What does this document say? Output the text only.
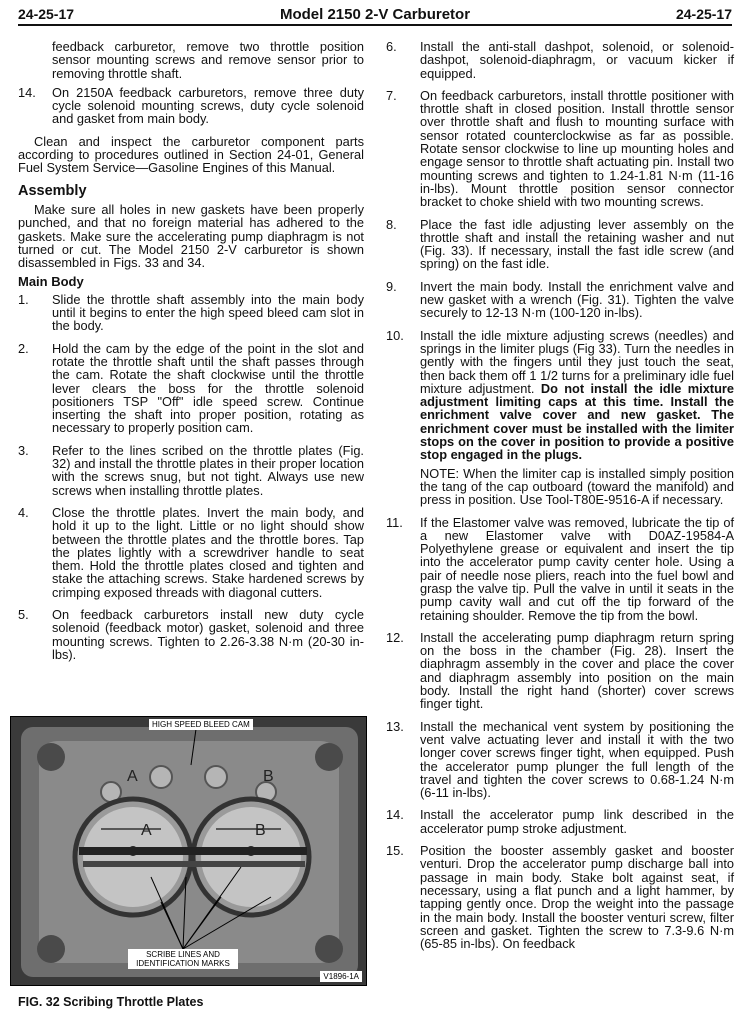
24-25-17	Model 2150 2-V Carburetor	24-25-17

feedback carburetor, remove two throttle position sensor mounting screws and remove sensor prior to removing throttle shaft.

14.	On 2150A feedback carburetors, remove three duty cycle solenoid mounting screws, duty cycle solenoid and gasket from main body.

Clean and inspect the carburetor component parts according to procedures outlined in Section 24-01, General Fuel System Service—Gasoline Engines of this Manual.

Assembly

Make sure all holes in new gaskets have been properly punched, and that no foreign material has adhered to the gaskets. Make sure the accelerating pump diaphragm is not turned or cut. The Model 2150 2-V carburetor is shown disassembled in Figs. 33 and 34.

Main Body
1.	Slide the throttle shaft assembly into the main body until it begins to enter the high speed bleed cam slot in the body.
2.	Hold the cam by the edge of the point in the slot and rotate the throttle shaft until the shaft passes through the cam. Rotate the shaft clockwise until the throttle lever clears the boss for the throttle solenoid positioners TSP "Off" idle speed screw. Continue inserting the shaft into proper position, rotating as necessary to properly position cam.
3.	Refer to the lines scribed on the throttle plates (Fig. 32) and install the throttle plates in their proper location with the screws snug, but not tight. Always use new screws when installing throttle plates.
4.	Close the throttle plates. Invert the main body, and hold it up to the light. Little or no light should show between the throttle plates and the throttle bores. Tap the plates lightly with a screwdriver handle to seat them. Hold the throttle plates closed and tighten and stake the attaching screws. Stake hardened screws by crimping exposed threads with diagonal cutters.
5.	On feedback carburetors install new duty cycle solenoid (feedback motor) gasket, solenoid and three mounting screws. Tighten to 2.26-3.38 N·m (20-30 in-lbs).
A	B
A	B
HIGH SPEED BLEED CAM
SCRIBE LINES AND IDENTIFICATION MARKS
V1896-1A
FIG. 32 Scribing Throttle Plates
6.	Install the anti-stall dashpot, solenoid, or solenoid-dashpot, solenoid-diaphragm, or vacuum kicker if equipped.
7.	On feedback carburetors, install throttle positioner with throttle shaft in closed position. Install throttle sensor over throttle shaft and flush to mounting surface with sensor rotated counterclockwise as far as possible. Rotate sensor clockwise to line up mounting holes and engage sensor to throttle shaft actuating pin. Install two mounting screws and tighten to 1.24-1.81 N·m (11-16 in-lbs). Mount throttle position sensor connector bracket to choke shield with two mounting screws.
8.	Place the fast idle adjusting lever assembly on the throttle shaft and install the retaining washer and nut (Fig. 33). If necessary, install the fast idle screw (and spring) on the fast idle.
9.	Invert the main body. Install the enrichment valve and new gasket with a wrench (Fig. 31). Tighten the valve securely to 12-13 N·m (100-120 in-lbs).
10.	Install the idle mixture adjusting screws (needles) and springs in the limiter plugs (Fig 33). Turn the needles in gently with the fingers until they just touch the seat, then back them off 1 1/2 turns for a preliminary idle fuel mixture adjustment. Do not install the idle mixture adjustment limiting caps at this time. Install the enrichment valve cover and new gasket. The enrichment cover must be installed with the limiter stops on the cover in position to provide a positive stop engaged in the plugs.

NOTE: When the limiter cap is installed simply position the tang of the cap outboard (toward the manifold) and press in position. Use Tool-T80E-9516-A if necessary.

11.	If the Elastomer valve was removed, lubricate the tip of a new Elastomer valve with D0AZ-19584-A Polyethylene grease or equivalent and insert the tip into the accelerator pump cavity center hole. Using a pair of needle nose pliers, reach into the fuel bowl and grasp the valve tip. Pull the valve in until it seats in the pump cavity wall and cut off the tip forward of the retaining shoulder. Remove the tip from the bowl.
12.	Install the accelerating pump diaphragm return spring on the boss in the chamber (Fig. 28). Insert the diaphragm assembly in the cover and place the cover and diaphragm assembly into position on the main body. Install the right hand (shorter) cover screws finger tight.
13.	Install the mechanical vent system by positioning the vent valve actuating lever and install it with the two longer cover screws finger tight, when equipped. Push the accelerator pump plunger the full length of the travel and tighten the cover screws to 0.68-1.24 N·m (6-11 in-lbs).
14.	Install the accelerator pump link described in the accelerator pump stroke adjustment.
15.	Position the booster assembly gasket and booster venturi. Drop the accelerator pump discharge ball into passage in main body. Stake bolt against seat, if necessary, using a flat punch and a light hammer, by tapping gently once. Drop the weight into the passage in the main body. Install the booster venturi screw, filter screen and gasket. Tighten the screw to 7.3-9.6 N·m (65-85 in-lbs). On feedback
